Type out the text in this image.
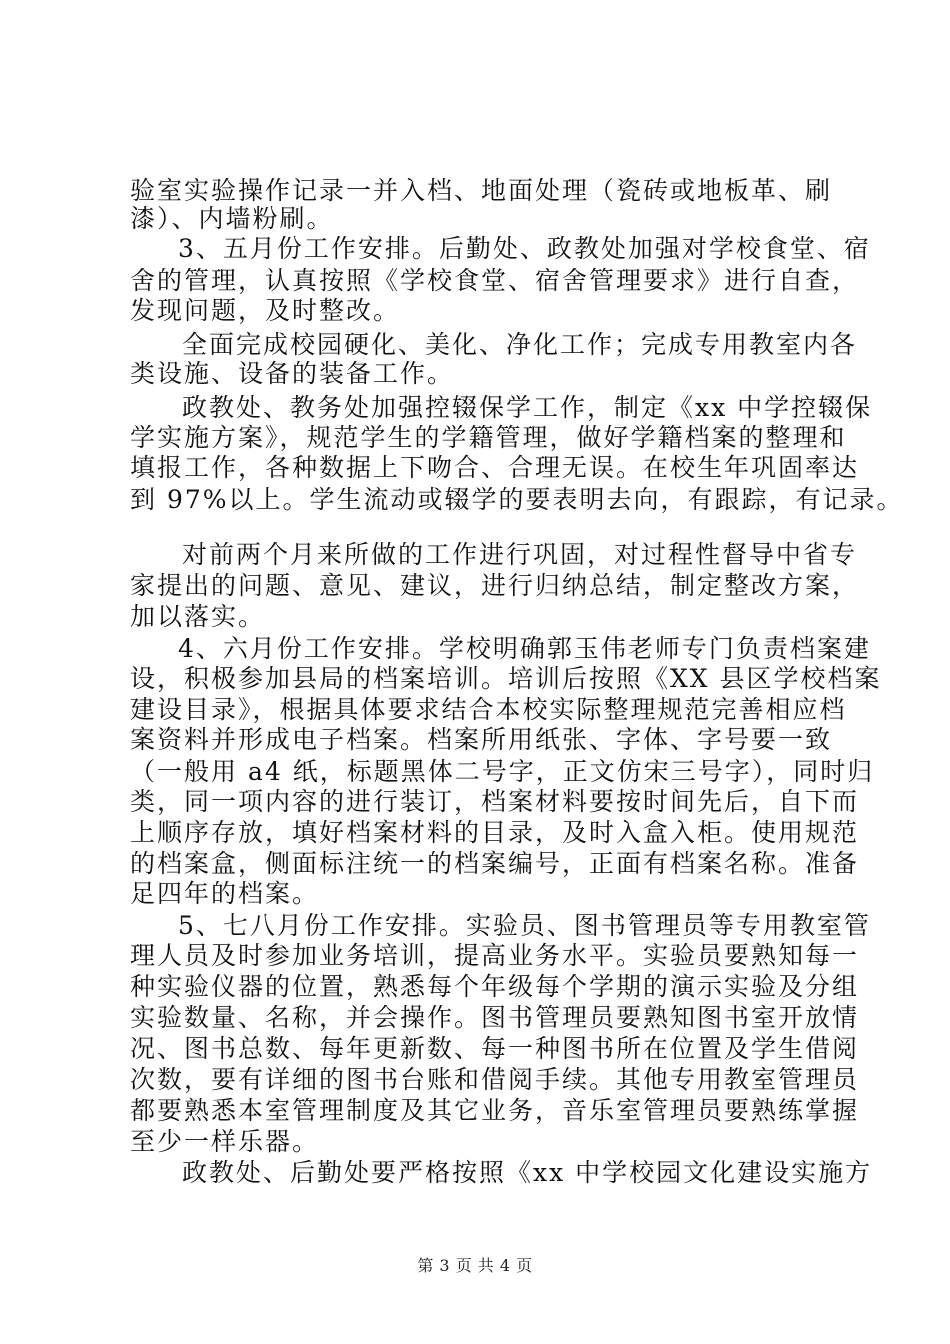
验室实验操作记录一并入档、地面处理（瓷砖或地板革、刷
漆）、内墙粉刷。
3、五月份工作安排。后勤处、政教处加强对学校食堂、宿
舍的管理，认真按照《学校食堂、宿舍管理要求》进行自查，
发现问题，及时整改。
全面完成校园硬化、美化、净化工作；完成专用教室内各
类设施、设备的装备工作。
政教处、教务处加强控辍保学工作，制定《xx 中学控辍保
学实施方案》，规范学生的学籍管理，做好学籍档案的整理和
填报工作，各种数据上下吻合、合理无误。在校生年巩固率达
到 97%以上。学生流动或辍学的要表明去向，有跟踪，有记录。
对前两个月来所做的工作进行巩固，对过程性督导中省专
家提出的问题、意见、建议，进行归纳总结，制定整改方案，
加以落实。
4、六月份工作安排。学校明确郭玉伟老师专门负责档案建
设，积极参加县局的档案培训。培训后按照《XX 县区学校档案
建设目录》，根据具体要求结合本校实际整理规范完善相应档
案资料并形成电子档案。档案所用纸张、字体、字号要一致
（一般用 a4 纸，标题黑体二号字，正文仿宋三号字），同时归
类，同一项内容的进行装订，档案材料要按时间先后，自下而
上顺序存放，填好档案材料的目录，及时入盒入柜。使用规范
的档案盒，侧面标注统一的档案编号，正面有档案名称。准备
足四年的档案。
5、七八月份工作安排。实验员、图书管理员等专用教室管
理人员及时参加业务培训，提高业务水平。实验员要熟知每一
种实验仪器的位置，熟悉每个年级每个学期的演示实验及分组
实验数量、名称，并会操作。图书管理员要熟知图书室开放情
况、图书总数、每年更新数、每一种图书所在位置及学生借阅
次数，要有详细的图书台账和借阅手续。其他专用教室管理员
都要熟悉本室管理制度及其它业务，音乐室管理员要熟练掌握
至少一样乐器。
政教处、后勤处要严格按照《xx 中学校园文化建设实施方
第 3 页 共 4 页
